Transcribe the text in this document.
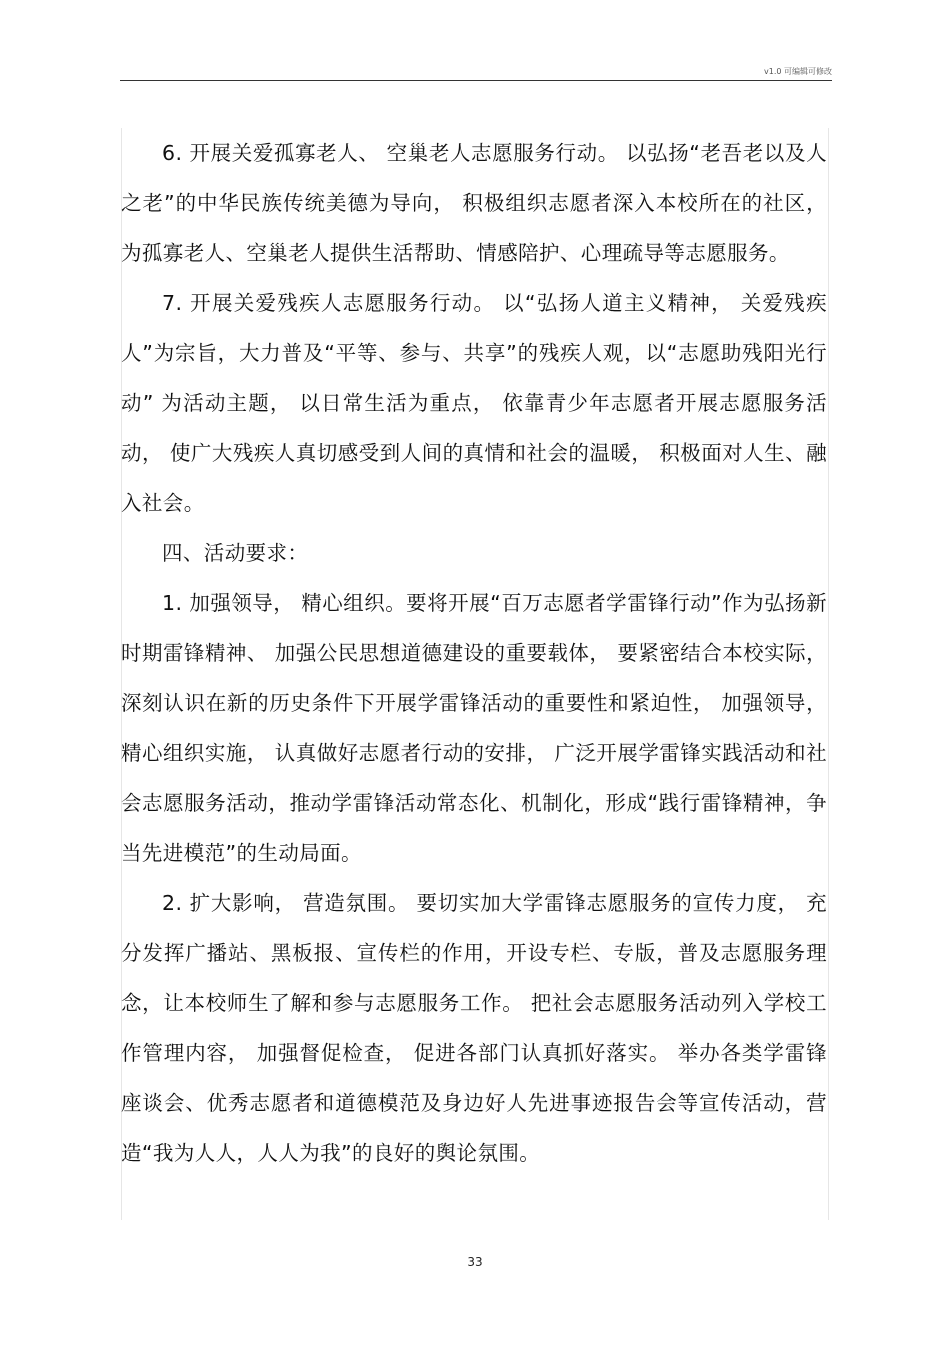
v1.0 可编辑可修改

6. 开展关爱孤寡老人、 空巢老人志愿服务行动。 以弘扬“老吾老以及人之老”的中华民族传统美德为导向， 积极组织志愿者深入本校所在的社区，为孤寡老人、空巢老人提供生活帮助、情感陪护、心理疏导等志愿服务。

7. 开展关爱残疾人志愿服务行动。 以“弘扬人道主义精神， 关爱残疾人”为宗旨，大力普及“平等、参与、共享”的残疾人观，以“志愿助残阳光行动” 为活动主题， 以日常生活为重点， 依靠青少年志愿者开展志愿服务活动， 使广大残疾人真切感受到人间的真情和社会的温暖， 积极面对人生、融入社会。

四、活动要求：

1. 加强领导， 精心组织。要将开展“百万志愿者学雷锋行动”作为弘扬新时期雷锋精神、 加强公民思想道德建设的重要载体， 要紧密结合本校实际，深刻认识在新的历史条件下开展学雷锋活动的重要性和紧迫性， 加强领导， 精心组织实施， 认真做好志愿者行动的安排， 广泛开展学雷锋实践活动和社会志愿服务活动，推动学雷锋活动常态化、机制化，形成“践行雷锋精神，争当先进模范”的生动局面。

2. 扩大影响， 营造氛围。 要切实加大学雷锋志愿服务的宣传力度， 充分发挥广播站、黑板报、宣传栏的作用，开设专栏、专版，普及志愿服务理念，让本校师生了解和参与志愿服务工作。 把社会志愿服务活动列入学校工作管理内容， 加强督促检查， 促进各部门认真抓好落实。 举办各类学雷锋座谈会、优秀志愿者和道德模范及身边好人先进事迹报告会等宣传活动，营造“我为人人，人人为我”的良好的舆论氛围。

33
